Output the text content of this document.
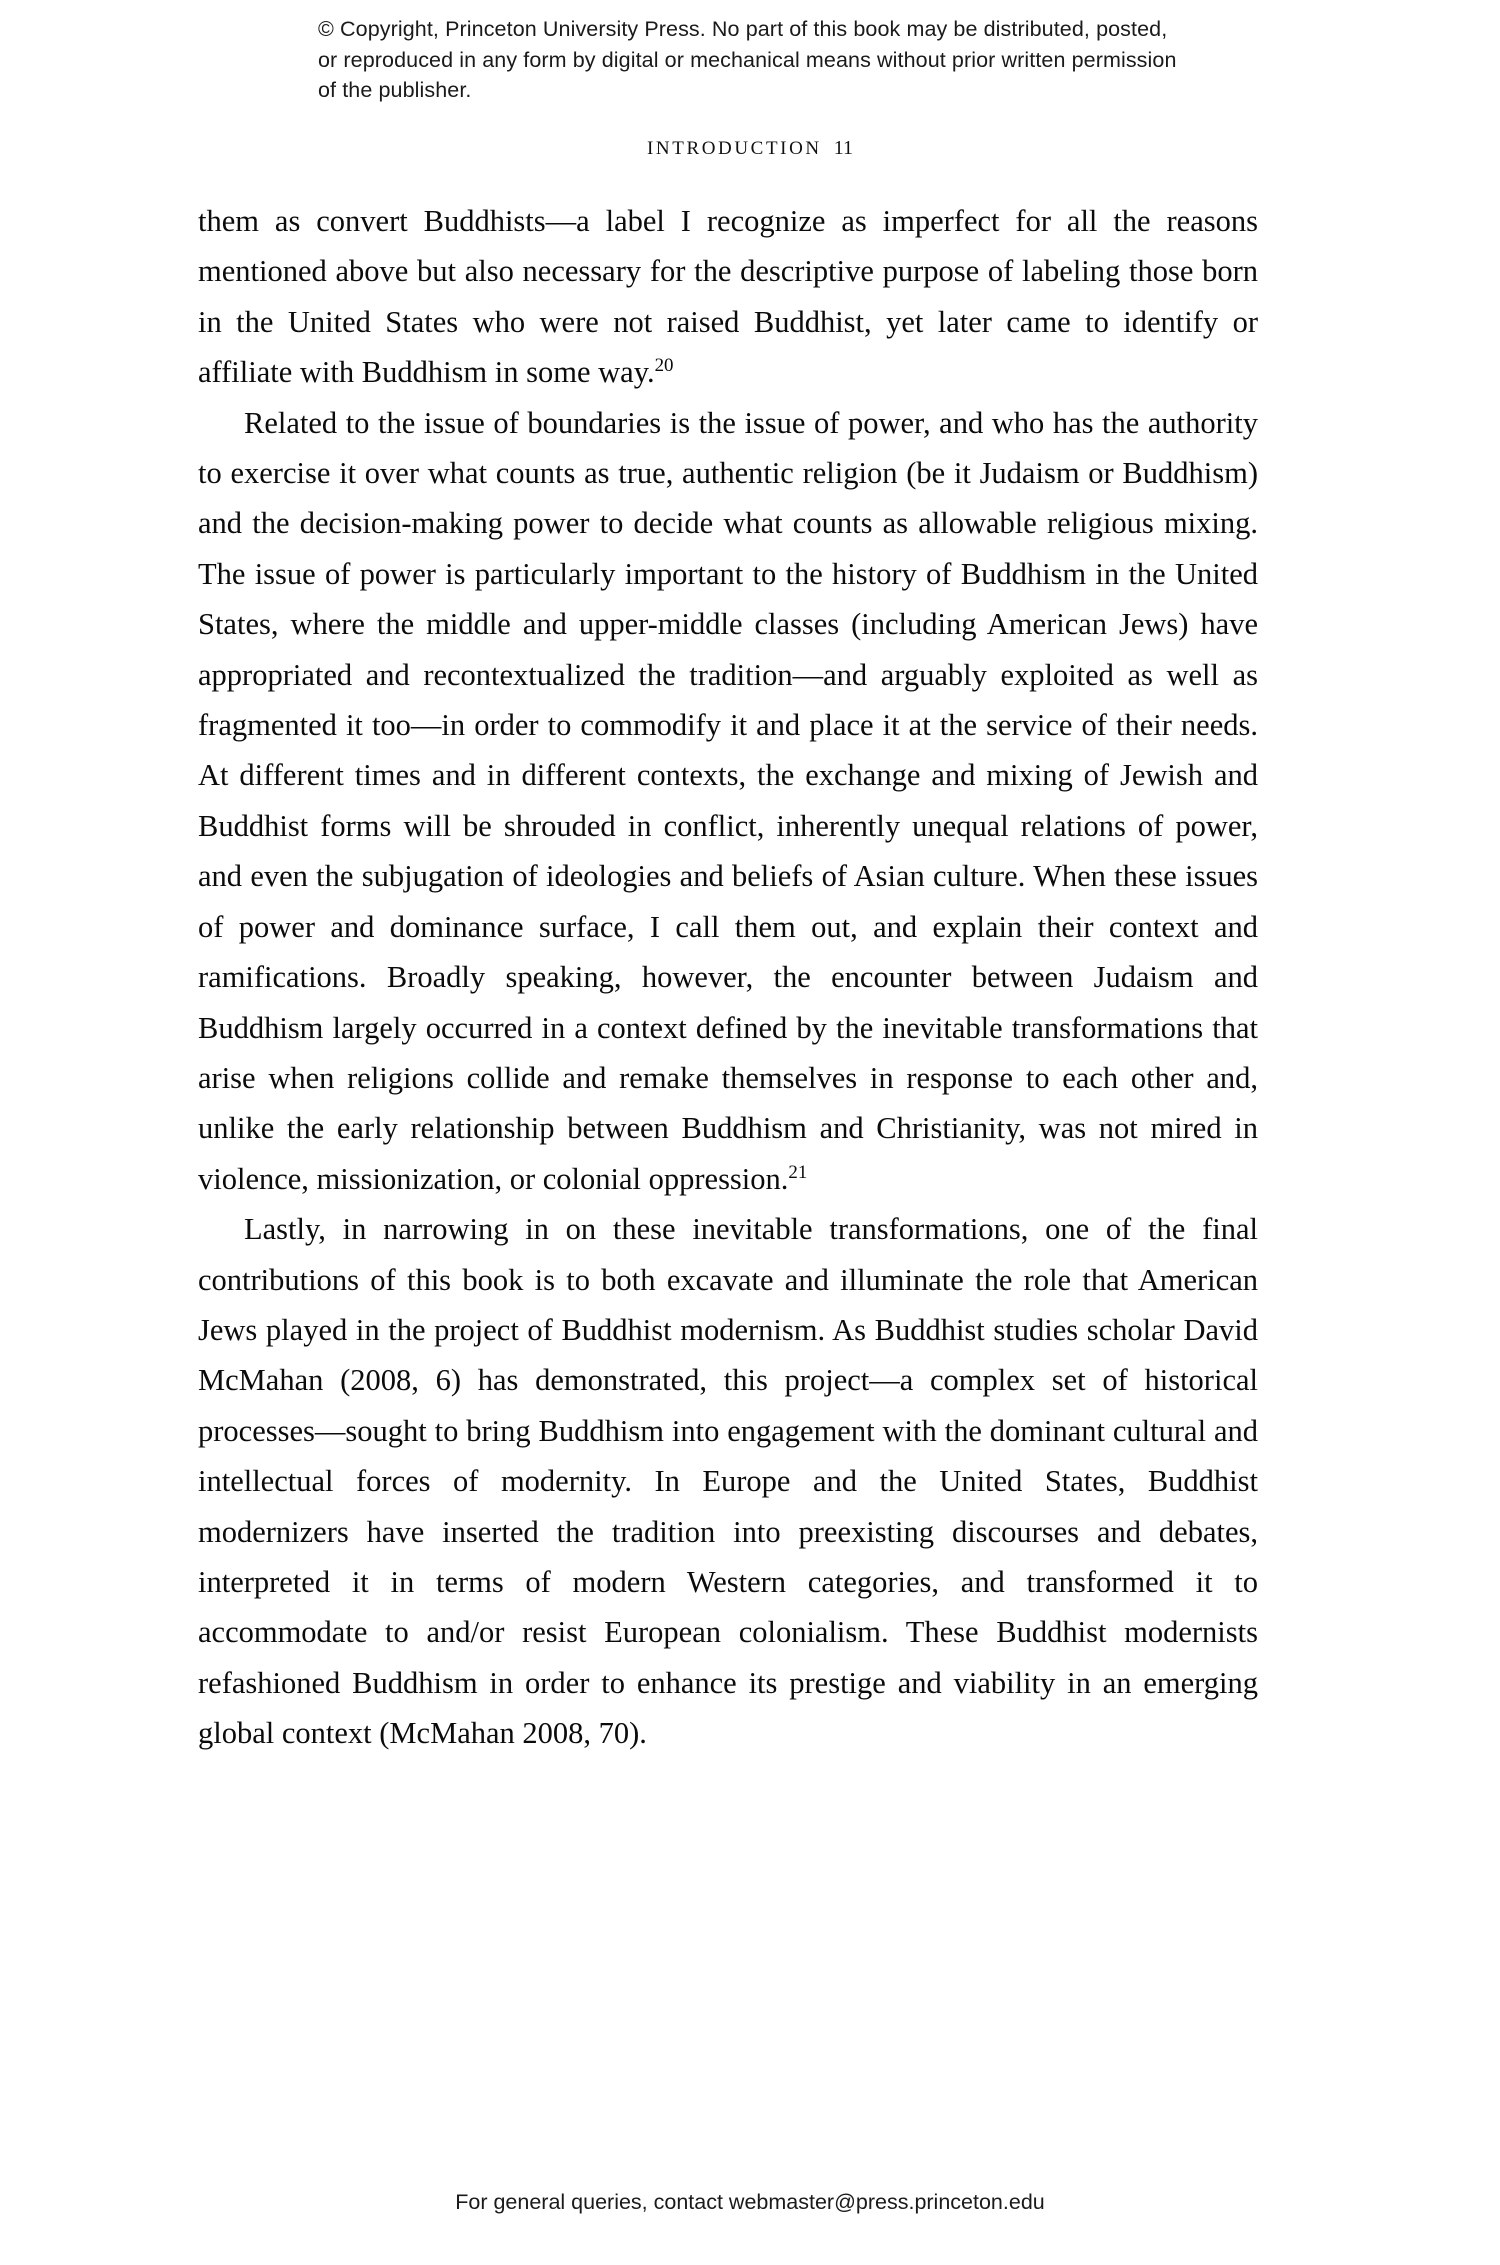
© Copyright, Princeton University Press. No part of this book may be distributed, posted, or reproduced in any form by digital or mechanical means without prior written permission of the publisher.
INTRODUCTION 11

them as convert Buddhists—a label I recognize as imperfect for all the reasons mentioned above but also necessary for the descriptive purpose of labeling those born in the United States who were not raised Buddhist, yet later came to identify or affiliate with Buddhism in some way.$^{20}$

Related to the issue of boundaries is the issue of power, and who has the authority to exercise it over what counts as true, authentic religion (be it Judaism or Buddhism) and the decision-making power to decide what counts as allowable religious mixing. The issue of power is particularly important to the history of Buddhism in the United States, where the middle and upper-middle classes (including American Jews) have appropriated and recontextualized the tradition—and arguably exploited as well as fragmented it too—in order to commodify it and place it at the service of their needs. At different times and in different contexts, the exchange and mixing of Jewish and Buddhist forms will be shrouded in conflict, inherently unequal relations of power, and even the subjugation of ideologies and beliefs of Asian culture. When these issues of power and dominance surface, I call them out, and explain their context and ramifications. Broadly speaking, however, the encounter between Judaism and Buddhism largely occurred in a context defined by the inevitable transformations that arise when religions collide and remake themselves in response to each other and, unlike the early relationship between Buddhism and Christianity, was not mired in violence, missionization, or colonial oppression.$^{21}$

Lastly, in narrowing in on these inevitable transformations, one of the final contributions of this book is to both excavate and illuminate the role that American Jews played in the project of Buddhist modernism. As Buddhist studies scholar David McMahan (2008, 6) has demonstrated, this project—a complex set of historical processes—sought to bring Buddhism into engagement with the dominant cultural and intellectual forces of modernity. In Europe and the United States, Buddhist modernizers have inserted the tradition into preexisting discourses and debates, interpreted it in terms of modern Western categories, and transformed it to accommodate to and/or resist European colonialism. These Buddhist modernists refashioned Buddhism in order to enhance its prestige and viability in an emerging global context (McMahan 2008, 70).

For general queries, contact webmaster@press.princeton.edu
